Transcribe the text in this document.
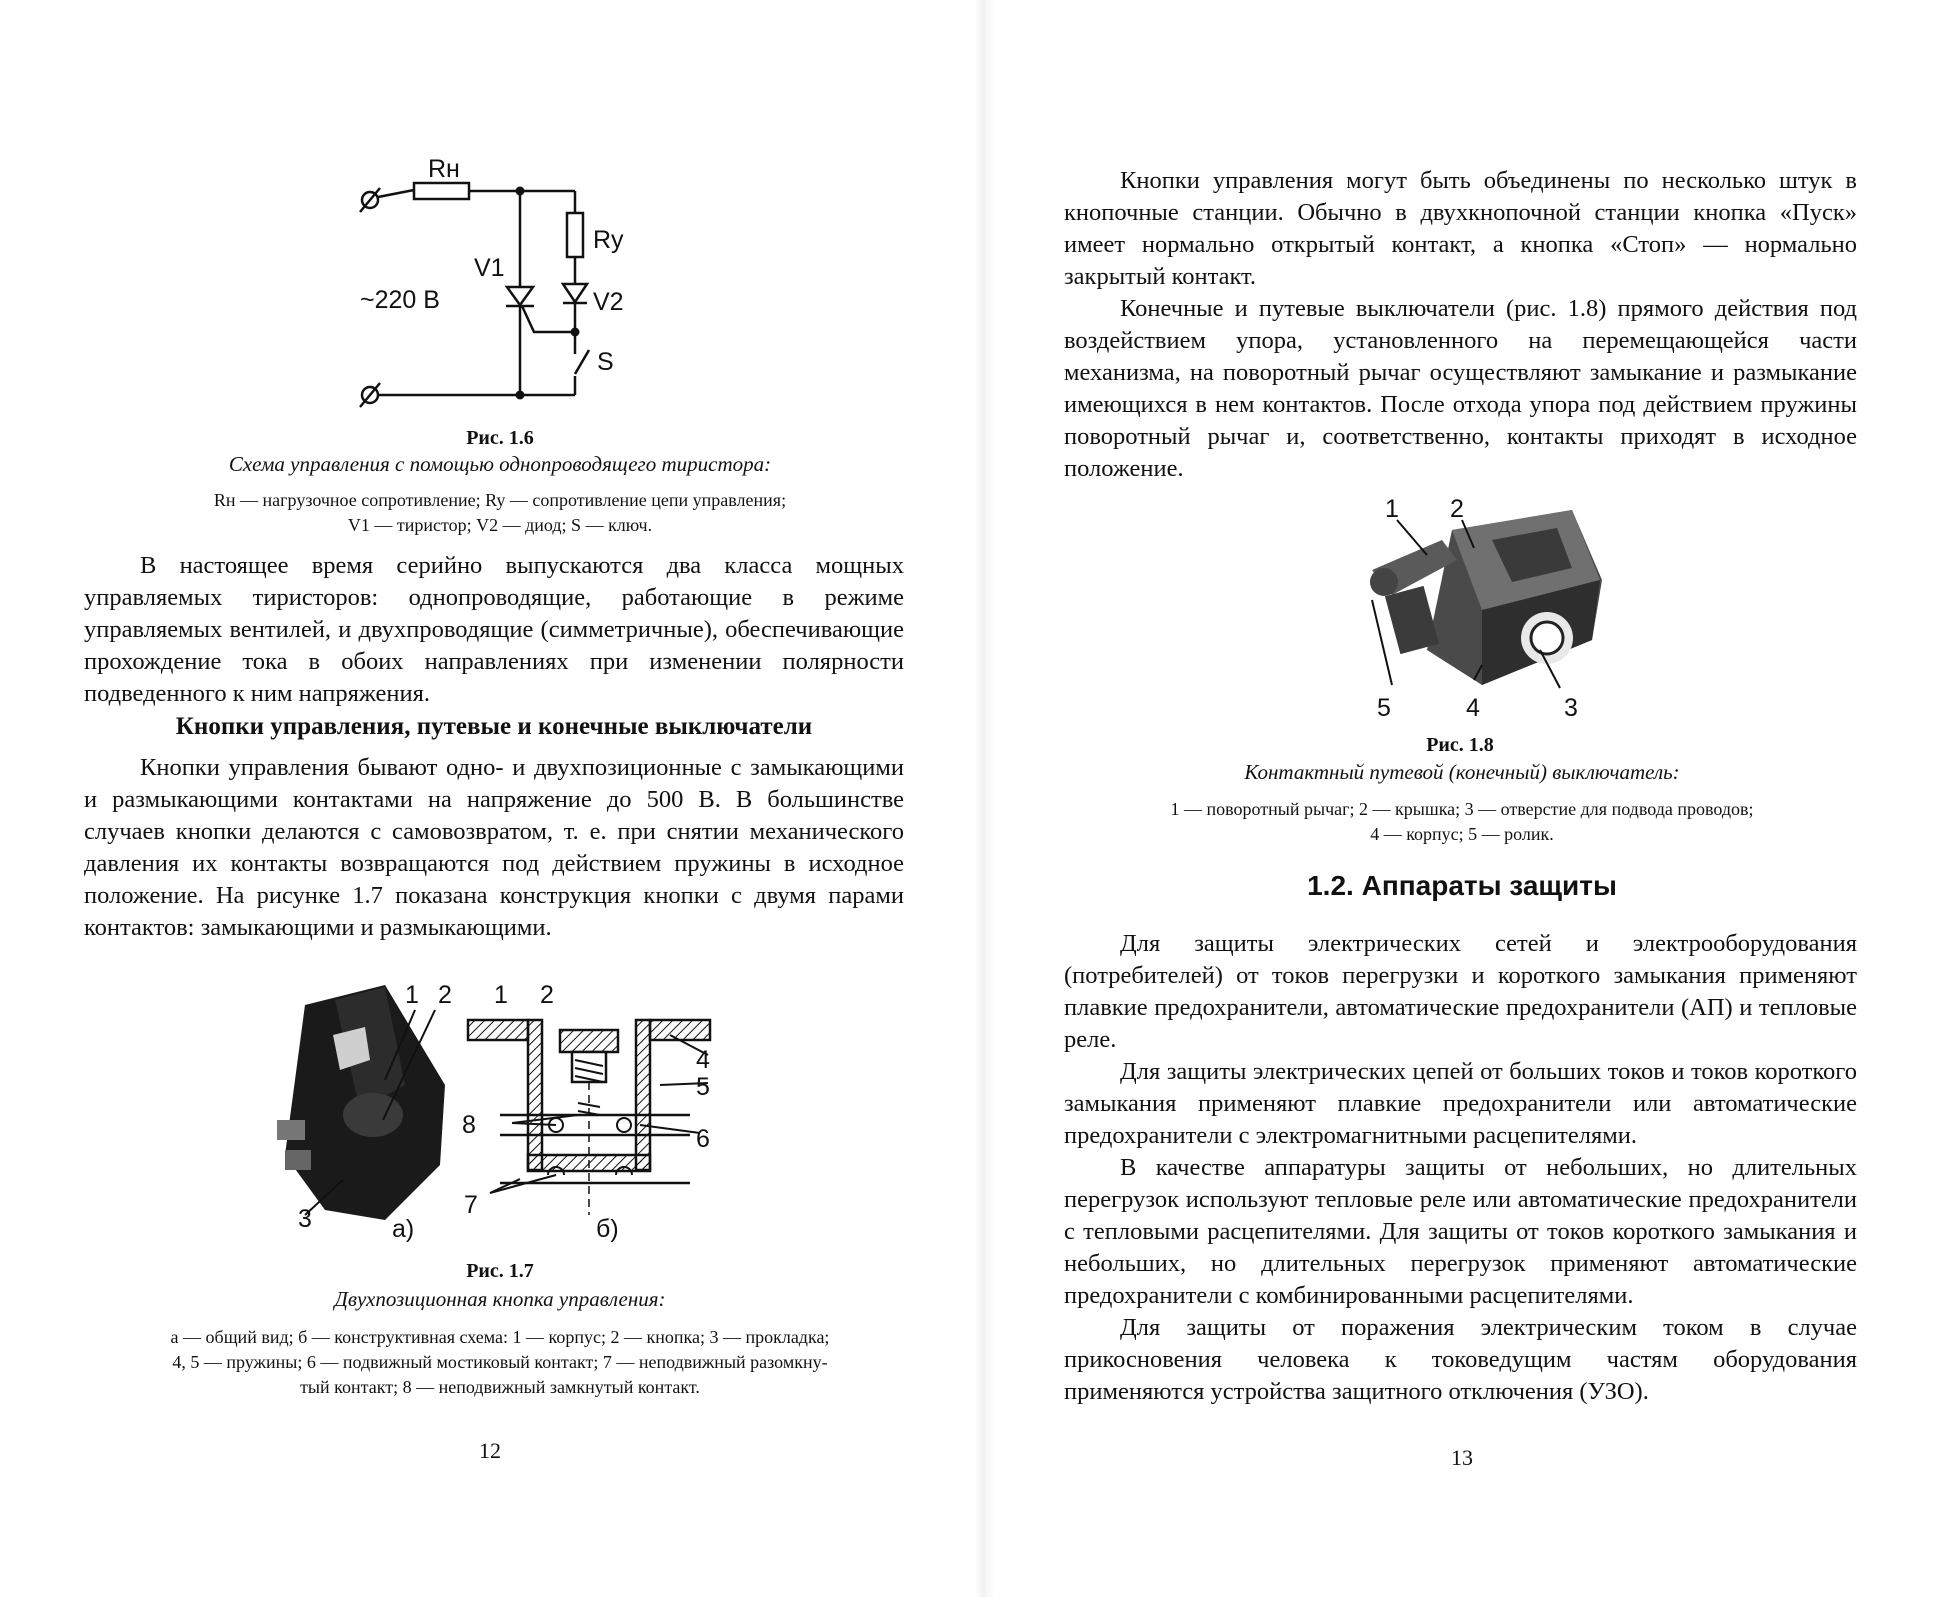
Rн
Ry
V1
V2
~220 В
S
Рис. 1.6
Схема управления с помощью однопроводящего тиристора:
Rн — нагрузочное сопротивление; Ry — сопротивление цепи управления;
V1 — тиристор; V2 — диод; S — ключ.
В настоящее время серийно выпускаются два класса мощных управляемых тиристоров: однопроводящие, работающие в режиме управляемых вентилей, и двухпроводящие (симметричные), обеспечивающие прохождение тока в обоих направлениях при изменении полярности подведенного к ним напряжения.
Кнопки управления, путевые и конечные выключатели
Кнопки управления бывают одно- и двухпозиционные с замыкающими и размыкающими контактами на напряжение до 500 В. В большинстве случаев кнопки делаются с самовозвратом, т. е. при снятии механического давления их контакты возвращаются под действием пружины в исходное положение. На рисунке 1.7 показана конструкция кнопки с двумя парами контактов: замыкающими и размыкающими.
1 2
3	а)
1 2
4
5
6
8
7
б)
Рис. 1.7
Двухпозиционная кнопка управления:
а — общий вид; б — конструктивная схема: 1 — корпус; 2 — кнопка; 3 — прокладка;
4, 5 — пружины; 6 — подвижный мостиковый контакт; 7 — неподвижный разомкну-
тый контакт; 8 — неподвижный замкнутый контакт.
12
Кнопки управления могут быть объединены по несколько штук в кнопочные станции. Обычно в двухкнопочной станции кнопка «Пуск» имеет нормально открытый контакт, а кнопка «Стоп» — нормально закрытый контакт.
Конечные и путевые выключатели (рис. 1.8) прямого действия под воздействием упора, установленного на перемещающейся части механизма, на поворотный рычаг осуществляют замыкание и размыкание имеющихся в нем контактов. После отхода упора под действием пружины поворотный рычаг и, соответственно, контакты приходят в исходное положение.
1 2
3
4
5
Рис. 1.8
Контактный путевой (конечный) выключатель:
1 — поворотный рычаг; 2 — крышка; 3 — отверстие для подвода проводов;
4 — корпус; 5 — ролик.
1.2. Аппараты защиты
Для защиты электрических сетей и электрооборудования (потребителей) от токов перегрузки и короткого замыкания применяют плавкие предохранители, автоматические предохранители (АП) и тепловые реле.
Для защиты электрических цепей от больших токов и токов короткого замыкания применяют плавкие предохранители или автоматические предохранители с электромагнитными расцепителями.
В качестве аппаратуры защиты от небольших, но длительных перегрузок используют тепловые реле или автоматические предохранители с тепловыми расцепителями. Для защиты от токов короткого замыкания и небольших, но длительных перегрузок применяют автоматические предохранители с комбинированными расцепителями.
Для защиты от поражения электрическим током в случае прикосновения человека к токоведущим частям оборудования применяются устройства защитного отключения (УЗО).
13
